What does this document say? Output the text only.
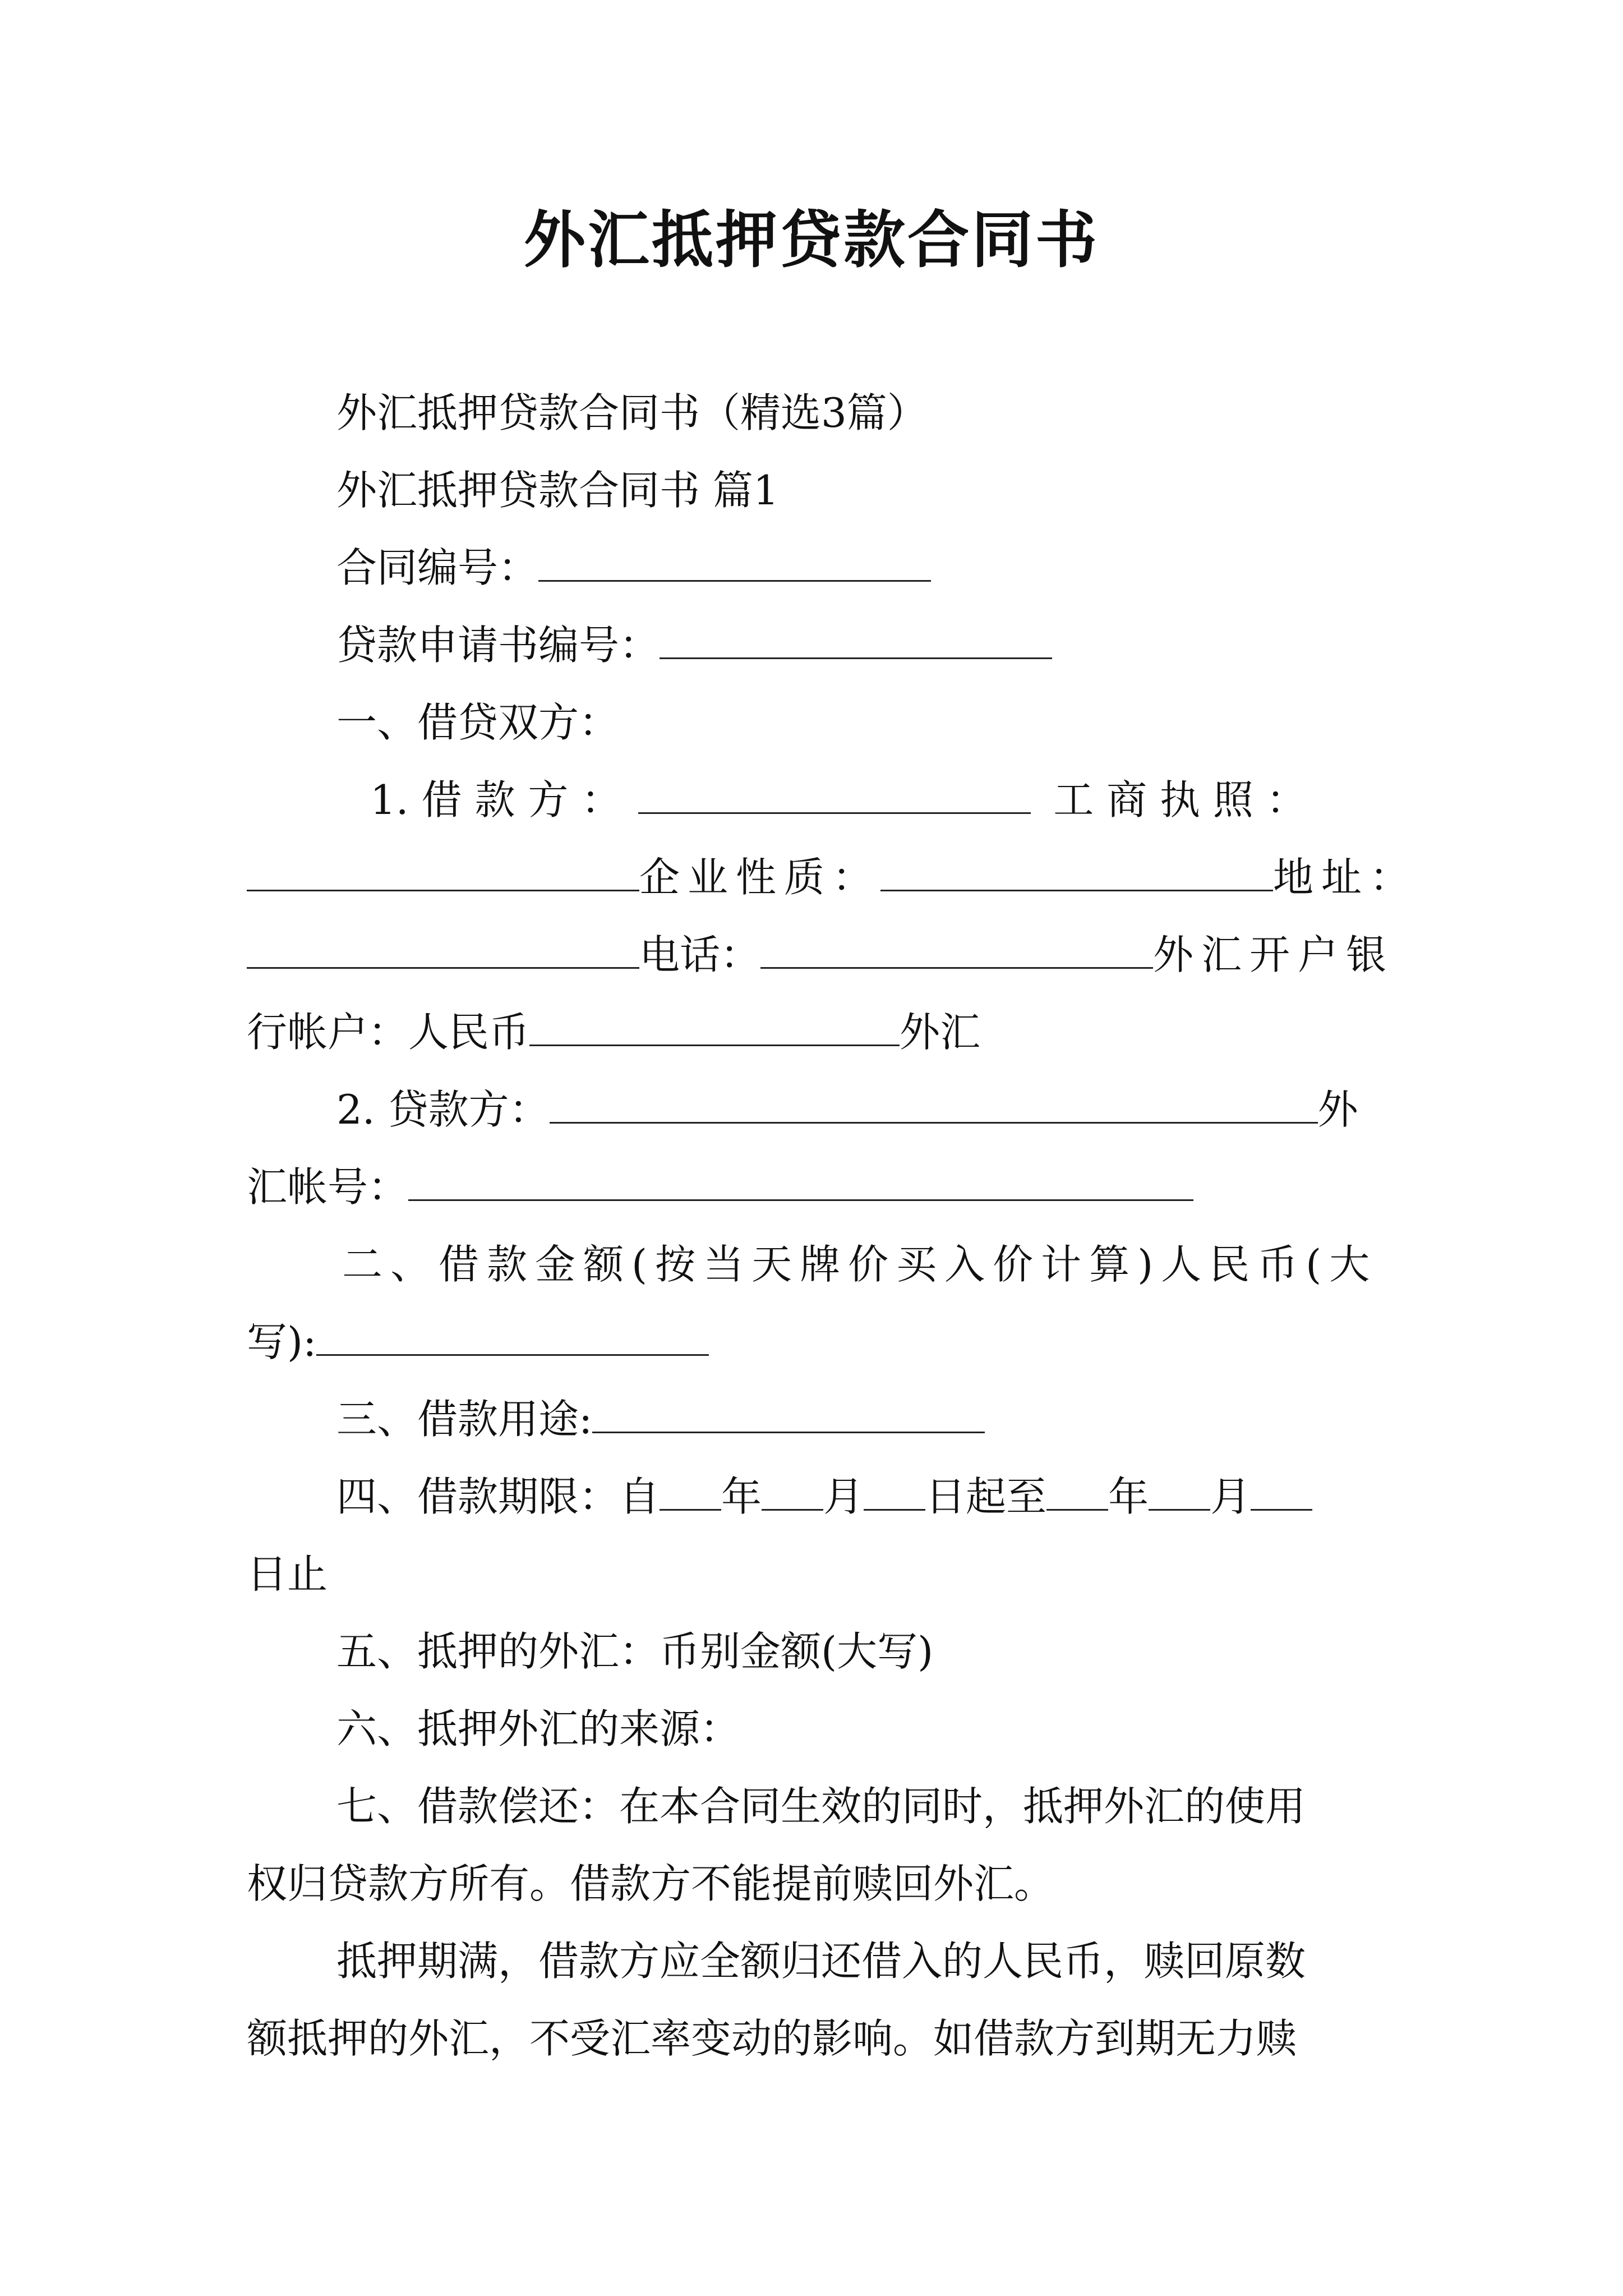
外汇抵押贷款合同书

外汇抵押贷款合同书（精选3篇）

外汇抵押贷款合同书 篇1

合同编号：

贷款申请书编号：

一、借贷双方：

1. 借 款 方 ：	工 商 执 照 ：

企业性质：	地址：

电话：	外汇开户银

行帐户：人民币	外汇

2. 贷款方：	外

汇帐号：

二、借款金额(按当天牌价买入价计算)人民币(大

写):

三、借款用途:

四、借款期限：自 年 月 日起至 年 月

日止

五、抵押的外汇：币别金额(大写)

六、抵押外汇的来源：

七、借款偿还：在本合同生效的同时，抵押外汇的使用

权归贷款方所有。借款方不能提前赎回外汇。

抵押期满，借款方应全额归还借入的人民币，赎回原数

额抵押的外汇，不受汇率变动的影响。如借款方到期无力赎
